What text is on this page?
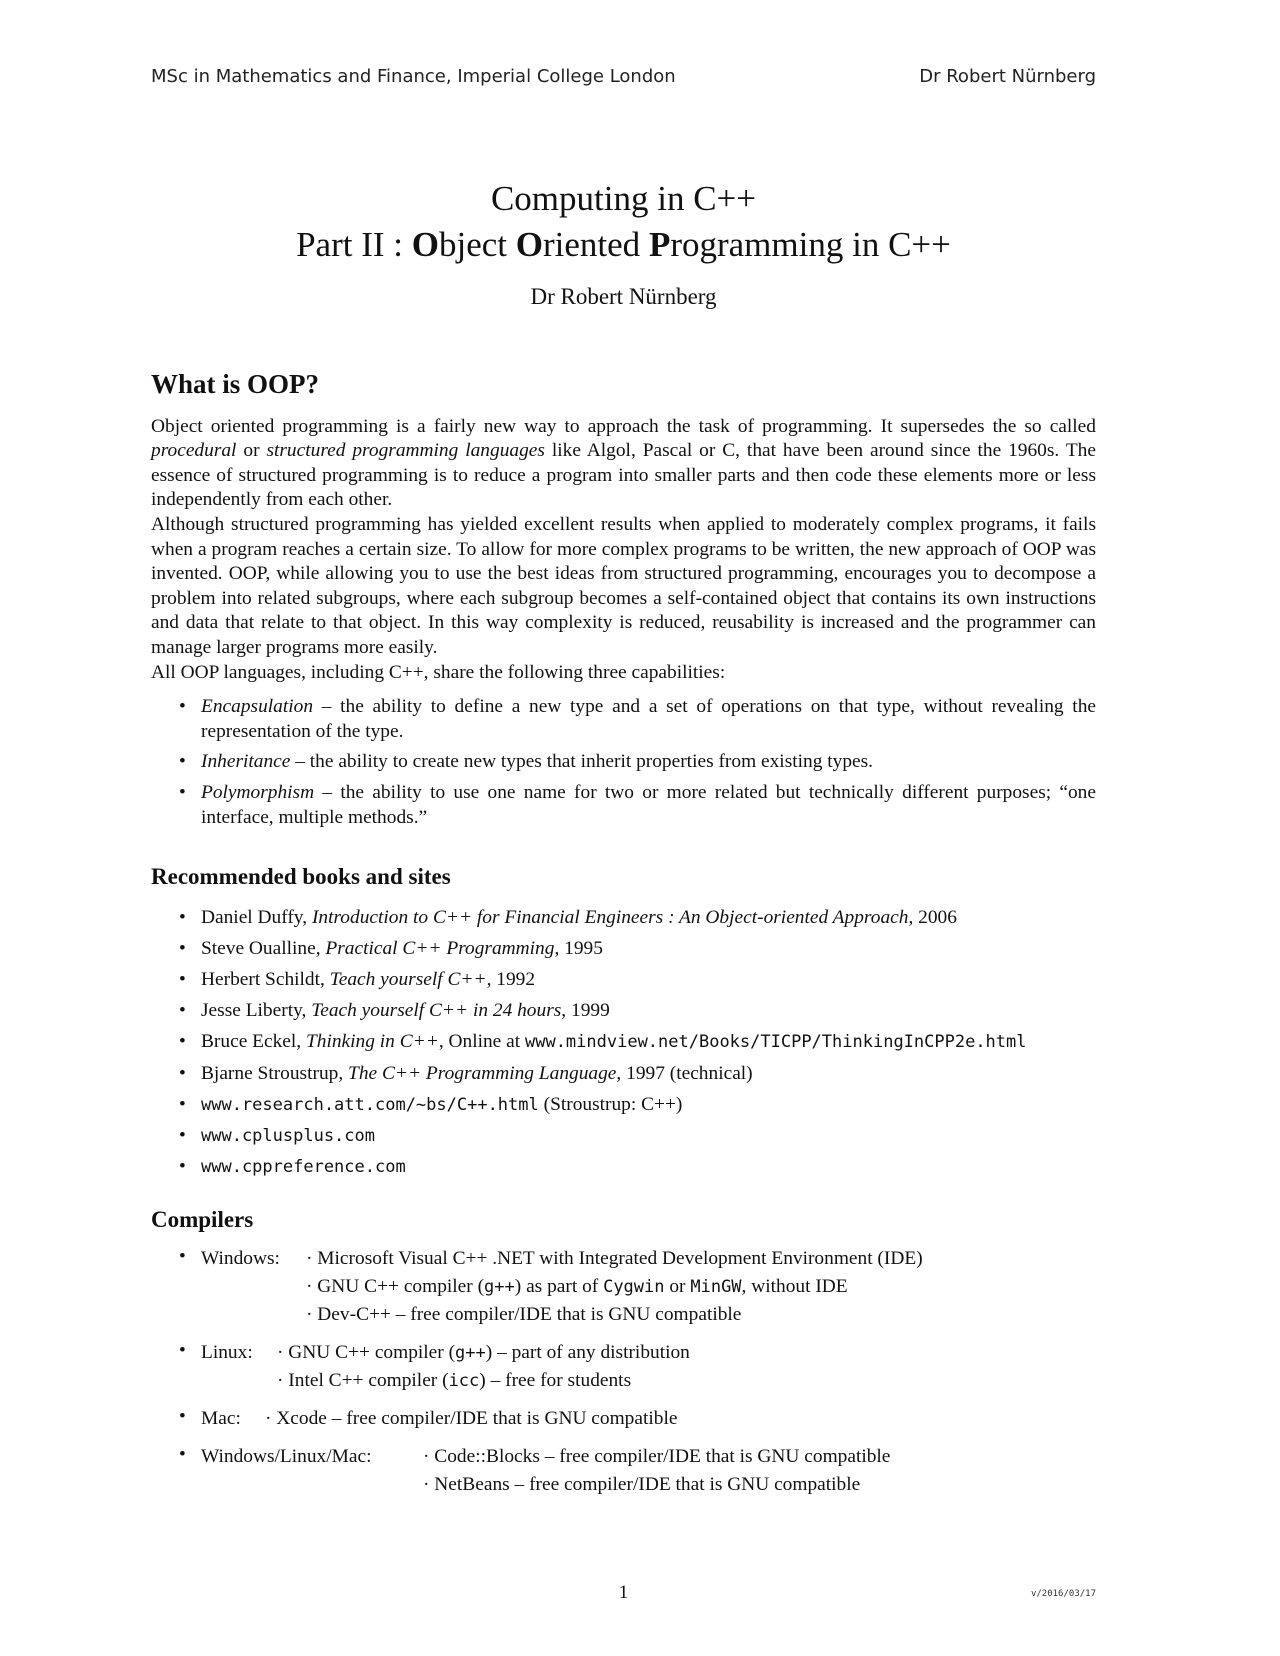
MSc in Mathematics and Finance, Imperial College London	Dr Robert Nürnberg
Computing in C++
Part II : Object Oriented Programming in C++
Dr Robert Nürnberg
What is OOP?

Object oriented programming is a fairly new way to approach the task of programming. It supersedes the so called procedural or structured programming languages like Algol, Pascal or C, that have been around since the 1960s. The essence of structured programming is to reduce a program into smaller parts and then code these elements more or less independently from each other.

Although structured programming has yielded excellent results when applied to moderately complex programs, it fails when a program reaches a certain size. To allow for more complex programs to be written, the new approach of OOP was invented. OOP, while allowing you to use the best ideas from structured programming, encourages you to decompose a problem into related subgroups, where each subgroup becomes a self-contained object that contains its own instructions and data that relate to that object. In this way complexity is reduced, reusability is increased and the programmer can manage larger programs more easily.

All OOP languages, including C++, share the following three capabilities:

• Encapsulation – the ability to define a new type and a set of operations on that type, without revealing the representation of the type.
• Inheritance – the ability to create new types that inherit properties from existing types.
• Polymorphism – the ability to use one name for two or more related but technically different purposes; “one interface, multiple methods.”
Recommended books and sites
• Daniel Duffy, Introduction to C++ for Financial Engineers : An Object-oriented Approach, 2006
• Steve Oualline, Practical C++ Programming, 1995
• Herbert Schildt, Teach yourself C++, 1992
• Jesse Liberty, Teach yourself C++ in 24 hours, 1999
• Bruce Eckel, Thinking in C++, Online at www.mindview.net/Books/TICPP/ThinkingInCPP2e.html
• Bjarne Stroustrup, The C++ Programming Language, 1997 (technical)
• www.research.att.com/~bs/C++.html (Stroustrup: C++)
• www.cplusplus.com
• www.cppreference.com
Compilers
• Windows:	· Microsoft Visual C++ .NET with Integrated Development Environment (IDE)
· GNU C++ compiler (g++) as part of Cygwin or MinGW, without IDE
· Dev-C++ – free compiler/IDE that is GNU compatible
• Linux:	· GNU C++ compiler (g++) – part of any distribution
· Intel C++ compiler (icc) – free for students
• Mac:	· Xcode – free compiler/IDE that is GNU compatible
• Windows/Linux/Mac:	· Code::Blocks – free compiler/IDE that is GNU compatible
· NetBeans – free compiler/IDE that is GNU compatible
1	v/2016/03/17
